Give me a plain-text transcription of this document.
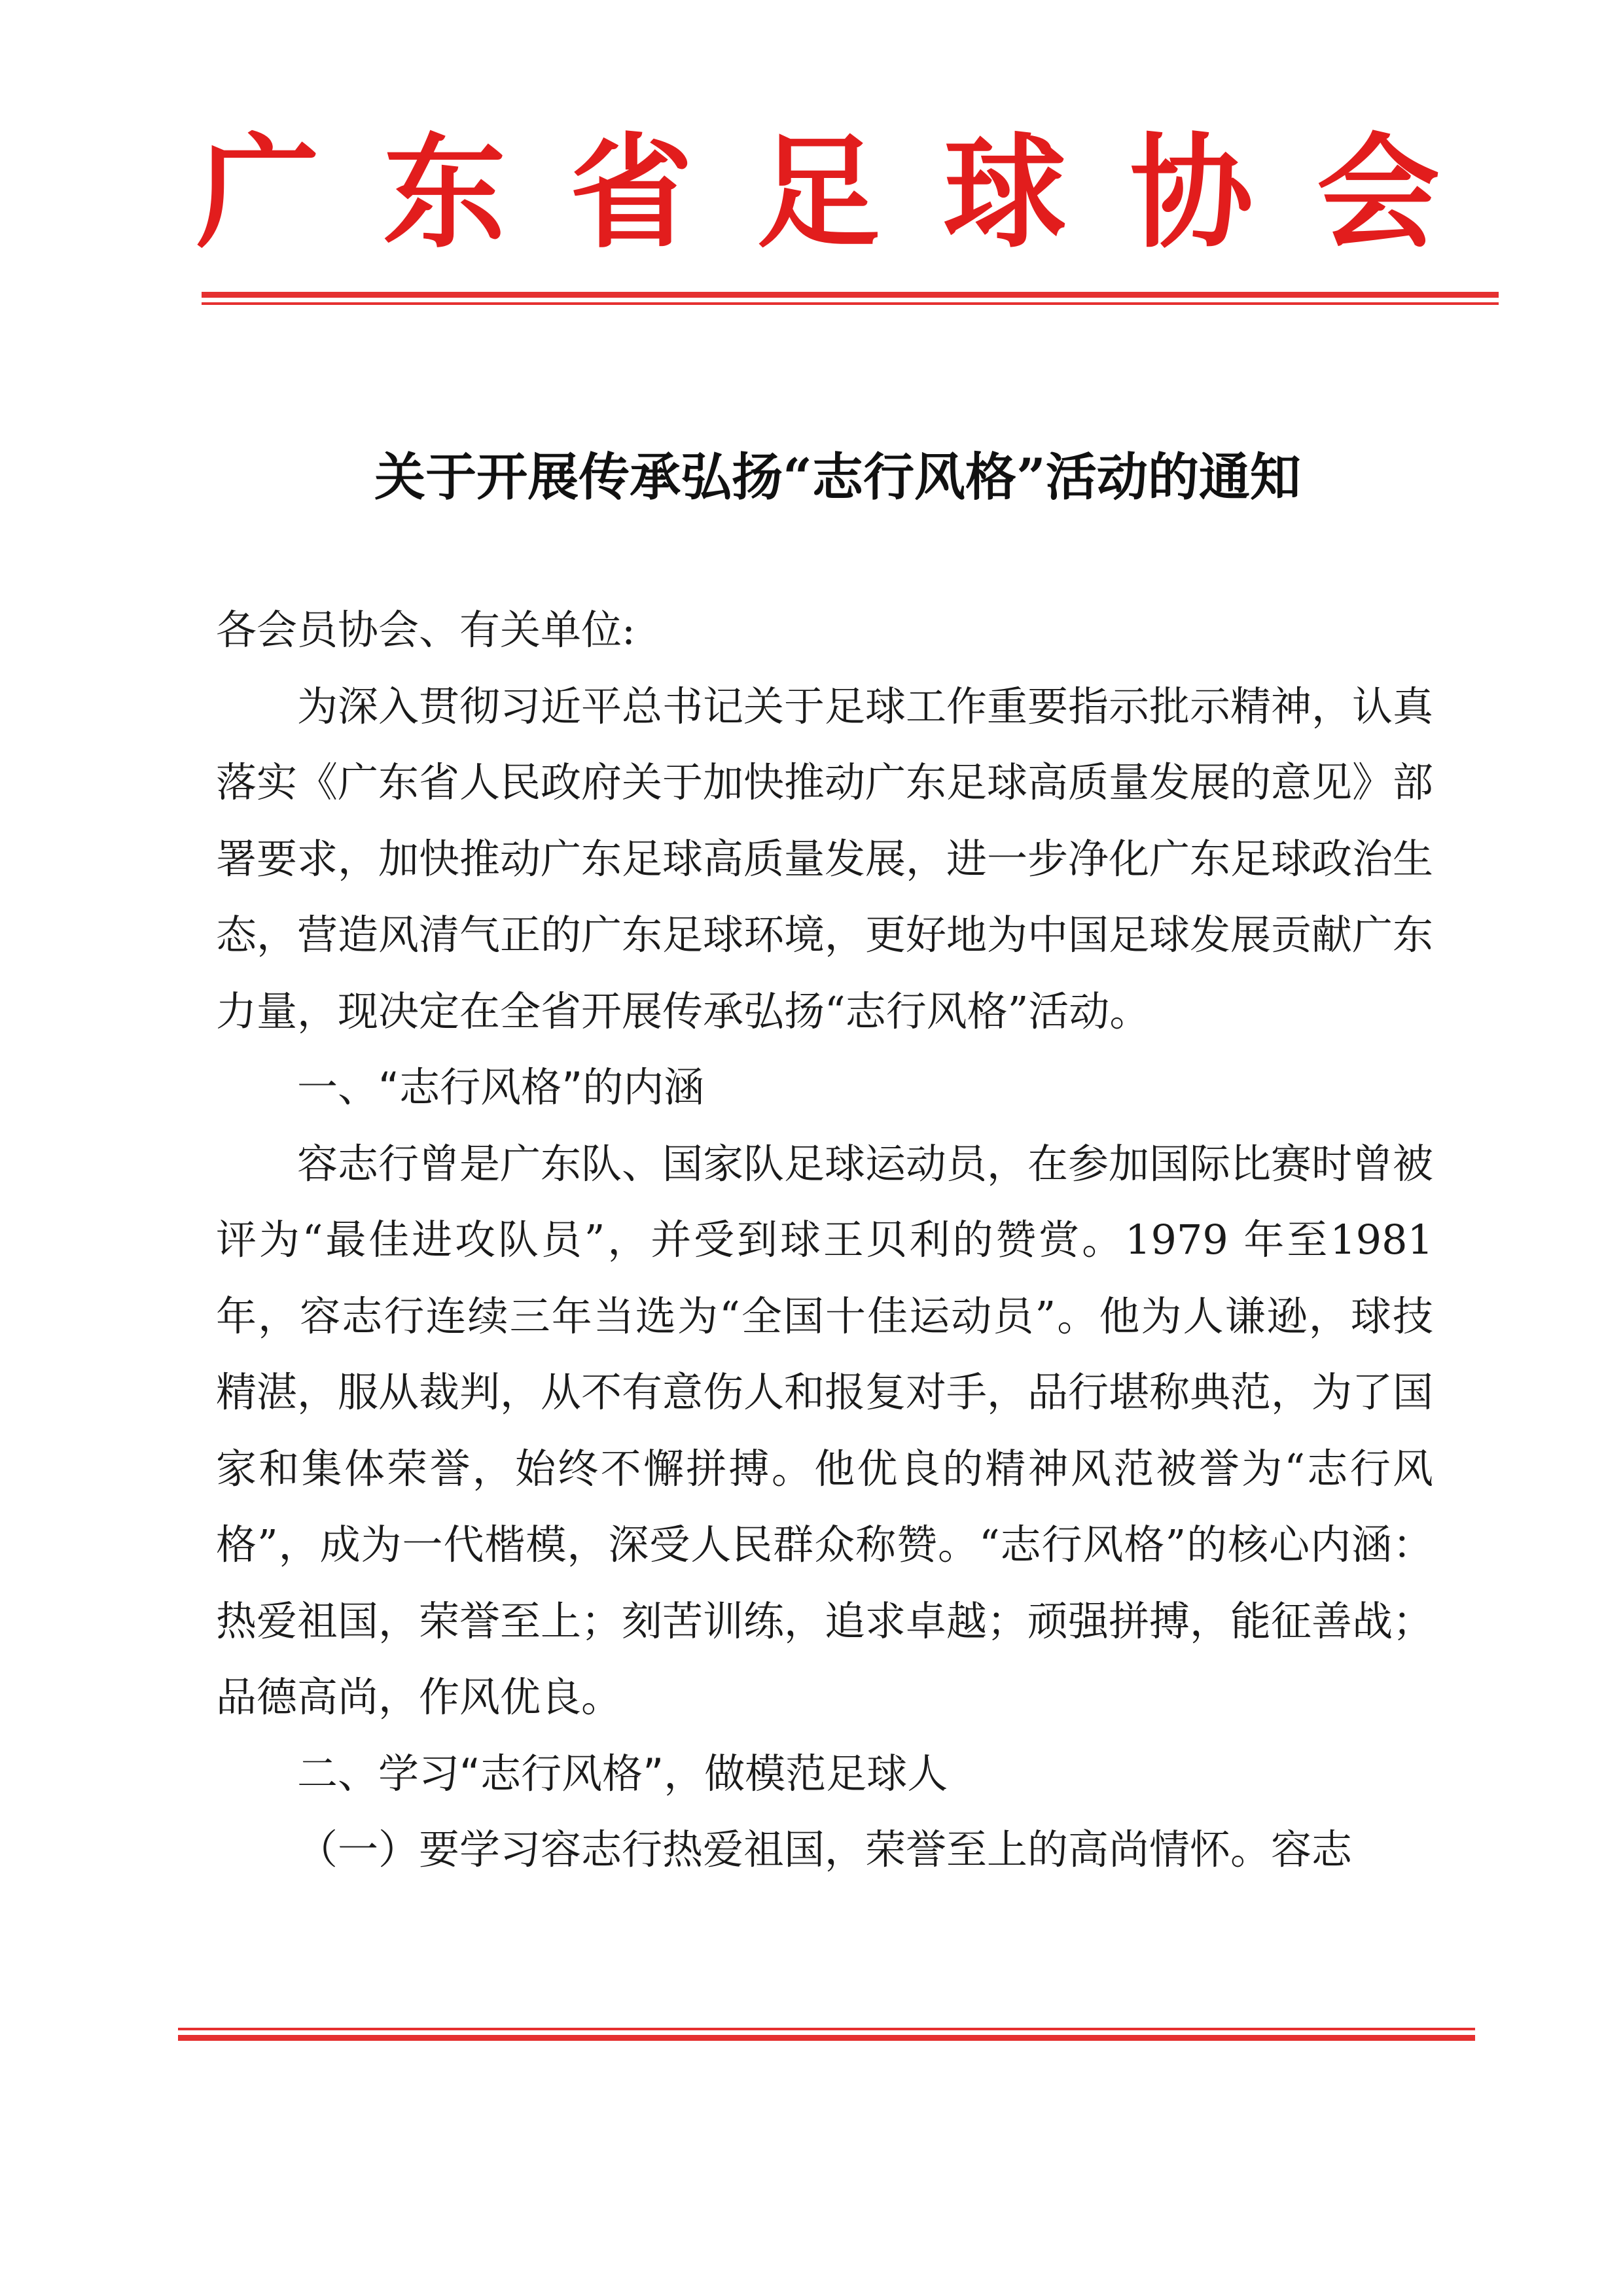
广 东 省 足 球 协 会
关于开展传承弘扬“志行风格”活动的通知

各会员协会、有关单位:

为深入贯彻习近平总书记关于足球工作重要指示批示精神，认真落实《广东省人民政府关于加快推动广东足球高质量发展的意见》部署要求，加快推动广东足球高质量发展，进一步净化广东足球政治生态，营造风清气正的广东足球环境，更好地为中国足球发展贡献广东力量，现决定在全省开展传承弘扬“志行风格”活动。

一、“志行风格”的内涵

容志行曾是广东队、国家队足球运动员，在参加国际比赛时曾被评为“最佳进攻队员”，并受到球王贝利的赞赏。1979 年至1981 年，容志行连续三年当选为“全国十佳运动员”。他为人谦逊，球技精湛，服从裁判，从不有意伤人和报复对手，品行堪称典范，为了国家和集体荣誉，始终不懈拼搏。他优良的精神风范被誉为“志行风格”，成为一代楷模，深受人民群众称赞。“志行风格”的核心内涵：热爱祖国，荣誉至上；刻苦训练，追求卓越；顽强拼搏，能征善战；品德高尚，作风优良。

二、学习“志行风格”，做模范足球人

（一）要学习容志行热爱祖国，荣誉至上的高尚情怀。容志
